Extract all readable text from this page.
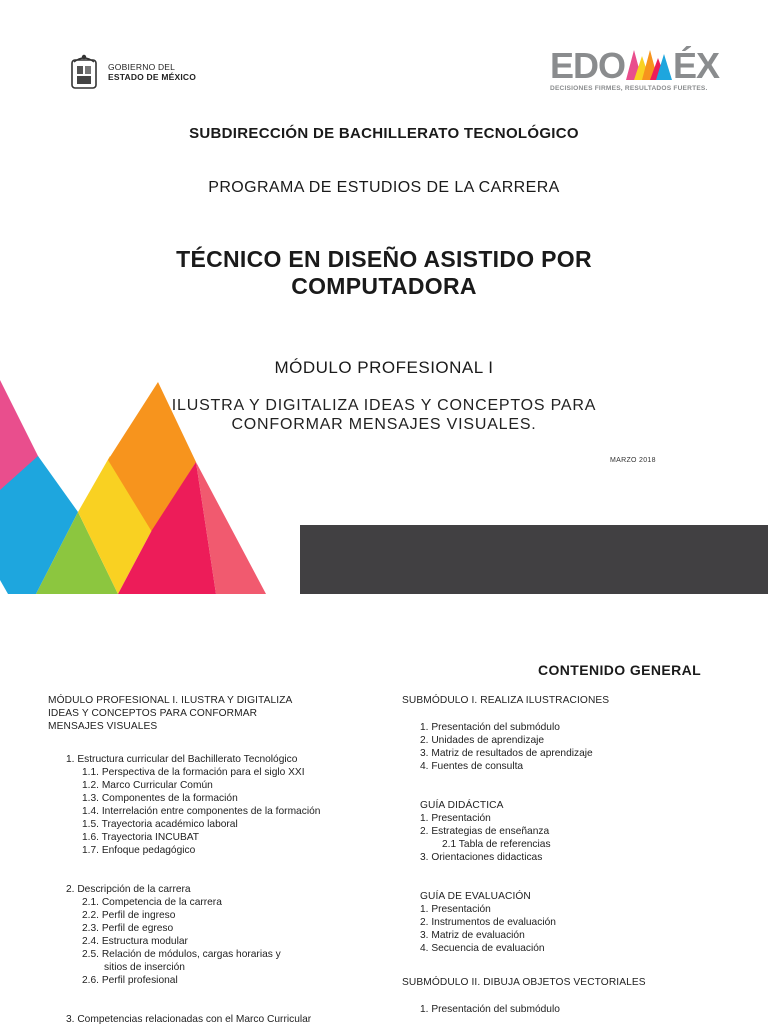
GOBIERNO DEL
ESTADO DE MÉXICO	EDO ÉX
DECISIONES FIRMES, RESULTADOS FUERTES.
SUBDIRECCIÓN DE BACHILLERATO TECNOLÓGICO
PROGRAMA DE ESTUDIOS DE LA CARRERA
TÉCNICO EN DISEÑO ASISTIDO POR
COMPUTADORA
MÓDULO PROFESIONAL I
ILUSTRA Y DIGITALIZA IDEAS Y CONCEPTOS PARA
CONFORMAR MENSAJES VISUALES.
MARZO 2018
CONTENIDO GENERAL
MÓDULO PROFESIONAL I. ILUSTRA Y DIGITALIZA
IDEAS Y CONCEPTOS PARA CONFORMAR
MENSAJES VISUALES
1. Estructura curricular del Bachillerato Tecnológico
1.1. Perspectiva de la formación para el siglo XXI
1.2. Marco Curricular Común
1.3. Componentes de la formación
1.4. Interrelación entre componentes de la formación
1.5. Trayectoria académico laboral
1.6. Trayectoria INCUBAT
1.7. Enfoque pedagógico
2. Descripción de la carrera
2.1. Competencia de la carrera
2.2. Perfil de ingreso
2.3. Perfil de egreso
2.4. Estructura modular
2.5. Relación de módulos, cargas horarias y
sitios de inserción
2.6. Perfil profesional
3. Competencias relacionadas con el Marco Curricular
SUBMÓDULO I. REALIZA ILUSTRACIONES
1. Presentación del submódulo
2. Unidades de aprendizaje
3. Matriz de resultados de aprendizaje
4. Fuentes de consulta
GUÍA DIDÁCTICA
1. Presentación
2. Estrategias de enseñanza
2.1 Tabla de referencias
3. Orientaciones didacticas
GUÍA DE EVALUACIÓN
1. Presentación
2. Instrumentos de evaluación
3. Matriz de evaluación
4. Secuencia de evaluación
SUBMÓDULO II. DIBUJA OBJETOS VECTORIALES
1. Presentación del submódulo
